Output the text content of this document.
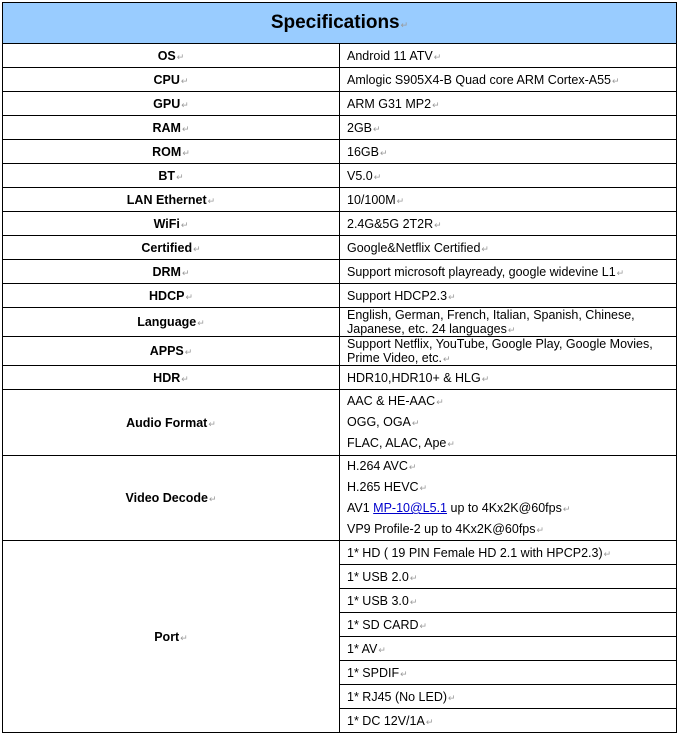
Specifications ↵
OS ↵	Android 11 ATV ↵
CPU ↵	Amlogic S905X4-B Quad core ARM Cortex-A55 ↵
GPU ↵	ARM G31 MP2 ↵
RAM ↵	2GB ↵
ROM ↵	16GB ↵
BT ↵	V5.0 ↵
LAN Ethernet ↵	10/100M ↵
WiFi ↵	2.4G&5G 2T2R ↵
Certified ↵	Google&Netflix Certified ↵
DRM ↵	Support microsoft playready, google widevine L1 ↵
HDCP ↵	Support HDCP2.3 ↵
Language ↵	English, German, French, Italian, Spanish, Chinese, Japanese, etc. 24 languages ↵
APPS ↵	Support Netflix, YouTube, Google Play, Google Movies, Prime Video, etc. ↵
HDR ↵	HDR10,HDR10+ & HLG ↵
Audio Format ↵	AAC & HE-AAC ↵
OGG, OGA ↵
FLAC, ALAC, Ape ↵

Video Decode ↵	H.264 AVC ↵
H.265 HEVC ↵
AV1 MP-10@L5.1 up to 4Kx2K@60fps ↵
VP9 Profile-2 up to 4Kx2K@60fps ↵

Port ↵	1* HD ( 19 PIN Female HD 2.1 with HPCP2.3) ↵
	1* USB 2.0 ↵
	1* USB 3.0 ↵
	1* SD CARD ↵
	1* AV ↵
	1* SPDIF ↵
	1* RJ45 (No LED) ↵
	1* DC 12V/1A ↵
